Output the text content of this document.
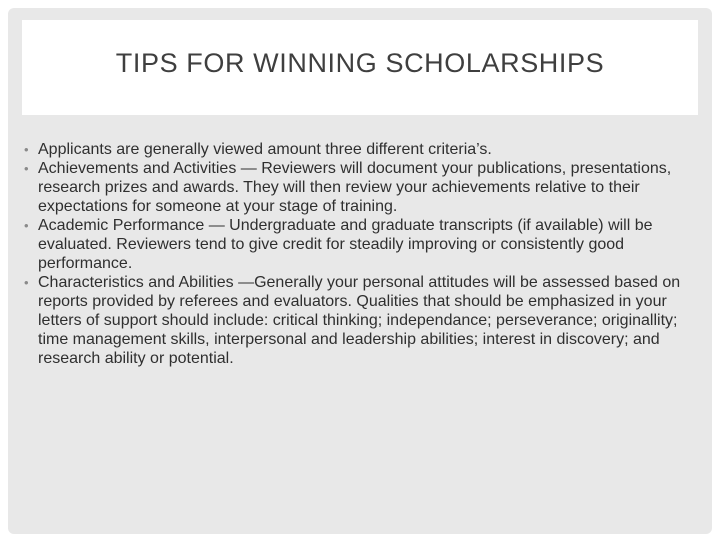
TIPS FOR WINNING SCHOLARSHIPS
• Applicants are generally viewed amount three different criteria’s.
• Achievements and Activities — Reviewers will document your publications, presentations, research prizes and awards. They will then review your achievements relative to their expectations for someone at your stage of training.
• Academic Performance — Undergraduate and graduate transcripts (if available) will be evaluated. Reviewers tend to give credit for steadily improving or consistently good performance.
• Characteristics and Abilities —Generally your personal attitudes will be assessed based on reports provided by referees and evaluators. Qualities that should be emphasized in your letters of support should include: critical thinking; independance; perseverance; originallity; time management skills, interpersonal and leadership abilities; interest in discovery; and research ability or potential.
